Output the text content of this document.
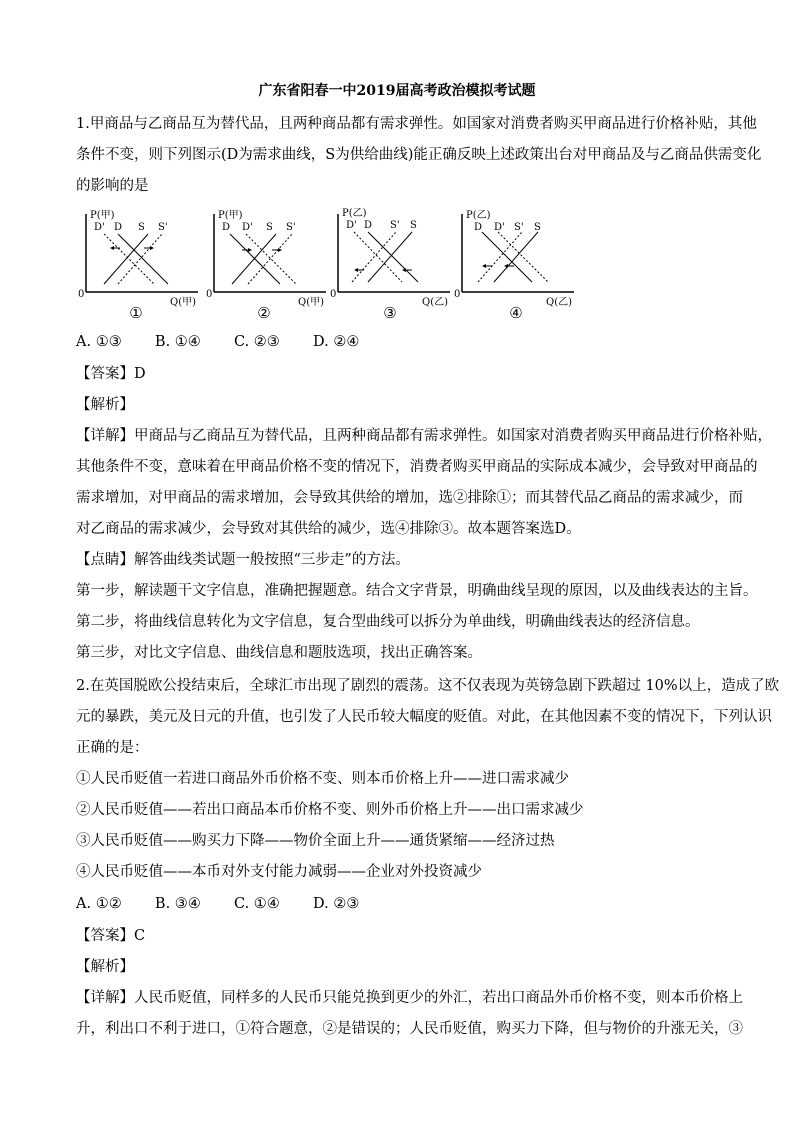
广东省阳春一中2019届高考政治模拟考试题
1.甲商品与乙商品互为替代品，且两种商品都有需求弹性。如国家对消费者购买甲商品进行价格补贴，其他
条件不变，则下列图示(D为需求曲线，S为供给曲线)能正确反映上述政策出台对甲商品及与乙商品供需变化
的影响的是
P(甲)
Q(甲)
0
D' D S S'
①
P(甲)
Q(甲)
0
D D' S S'
②
P(乙)
Q(乙)
0
D' D S' S
③
P(乙)
Q(乙)
0
D D' S' S
④
A. ①③ B. ①④ C. ②③ D. ②④
【答案】D
【解析】
【详解】甲商品与乙商品互为替代品，且两种商品都有需求弹性。如国家对消费者购买甲商品进行价格补贴，
其他条件不变，意味着在甲商品价格不变的情况下，消费者购买甲商品的实际成本减少，会导致对甲商品的
需求增加，对甲商品的需求增加，会导致其供给的增加，选②排除①；而其替代品乙商品的需求减少，而
对乙商品的需求减少，会导致对其供给的减少，选④排除③。故本题答案选D。
【点睛】解答曲线类试题一般按照“三步走”的方法。
第一步，解读题干文字信息，准确把握题意。结合文字背景，明确曲线呈现的原因，以及曲线表达的主旨。
第二步，将曲线信息转化为文字信息，复合型曲线可以拆分为单曲线，明确曲线表达的经济信息。
第三步，对比文字信息、曲线信息和题肢选项，找出正确答案。
2.在英国脱欧公投结束后，全球汇市出现了剧烈的震荡。这不仅表现为英镑急剧下跌超过 10%以上，造成了欧
元的暴跌，美元及日元的升值，也引发了人民币较大幅度的贬值。对此，在其他因素不变的情况下，下列认识
正确的是：
①人民币贬值一若进口商品外币价格不变、则本币价格上升——进口需求减少
②人民币贬值——若出口商品本币价格不变、则外币价格上升——出口需求减少
③人民币贬值——购买力下降——物价全面上升——通货紧缩——经济过热
④人民币贬值——本币对外支付能力减弱——企业对外投资减少
A. ①② B. ③④ C. ①④ D. ②③
【答案】C
【解析】
【详解】人民币贬值，同样多的人民币只能兑换到更少的外汇，若出口商品外币价格不变，则本币价格上
升，利出口不利于进口，①符合题意，②是错误的；人民币贬值，购买力下降，但与物价的升涨无关，③
